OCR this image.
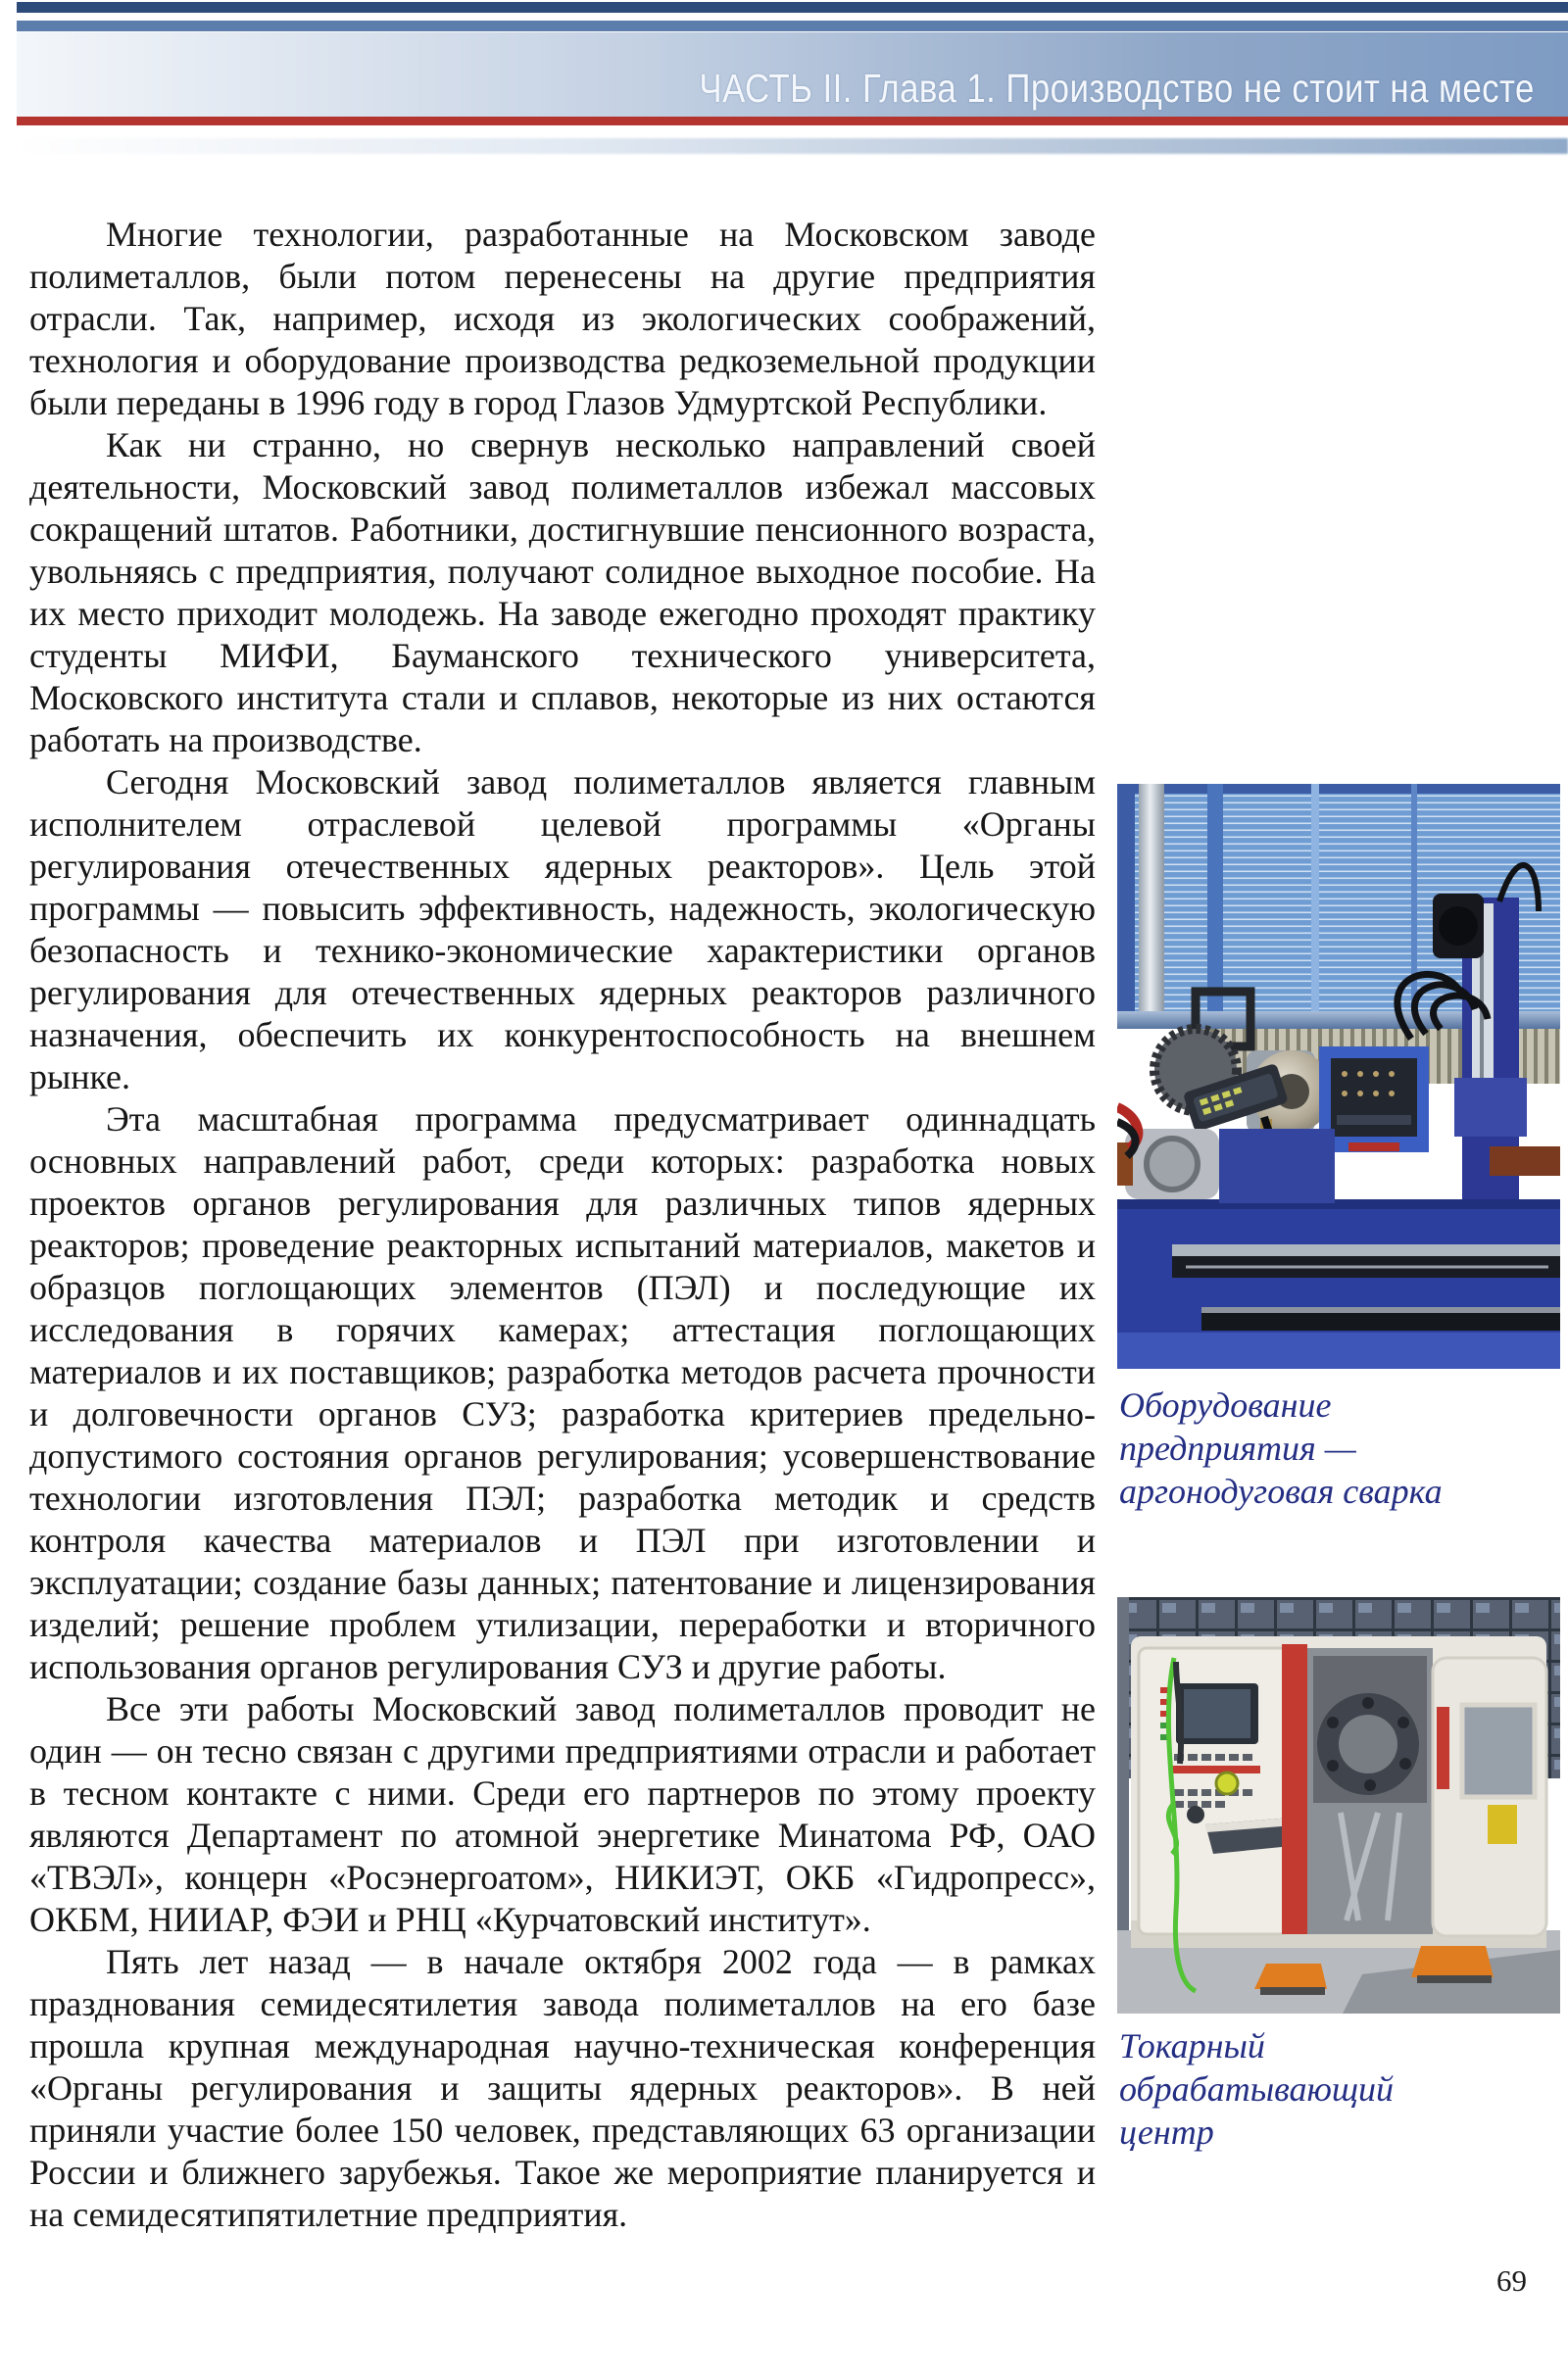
ЧАСТЬ II. Глава 1. Производство не стоит на месте

Многие технологии, разработанные на Московском заводе полиметаллов, были потом перенесены на другие предприятия отрасли. Так, например, исходя из экологических соображений, технология и оборудование производства редкоземельной продукции были переданы в 1996 году в город Глазов Удмуртской Республики.

Как ни странно, но свернув несколько направлений своей деятельности, Московский завод полиметаллов избежал массовых сокращений штатов. Работники, достигнувшие пенсионного возраста, увольняясь с предприятия, получают солидное выходное пособие. На их место приходит молодежь. На заводе ежегодно проходят практику студенты МИФИ, Бауманского технического университета, Московского института стали и сплавов, некоторые из них остаются работать на производстве.

Сегодня Московский завод полиметаллов является главным исполнителем отраслевой целевой программы «Органы регулирования отечественных ядерных реакторов». Цель этой программы — повысить эффективность, надежность, экологическую безопасность и технико-экономические характеристики органов регулирования для отечественных ядерных реакторов различного назначения, обеспечить их конкурентоспособность на внешнем рынке.

Эта масштабная программа предусматривает одиннадцать основных направлений работ, среди которых: разработка новых проектов органов регулирования для различных типов ядерных реакторов; проведение реакторных испытаний материалов, макетов и образцов поглощающих элементов (ПЭЛ) и последующие их исследования в горячих камерах; аттестация поглощающих материалов и их поставщиков; разработка методов расчета прочности и долговечности органов СУЗ; разработка критериев предельно-допустимого состояния органов регулирования; усовершенствование технологии изготовления ПЭЛ; разработка методик и средств контроля качества материалов и ПЭЛ при изготовлении и эксплуатации; создание базы данных; патентование и лицензирования изделий; решение проблем утилизации, переработки и вторичного использования органов регулирования СУЗ и другие работы.

Все эти работы Московский завод полиметаллов проводит не один — он тесно связан с другими предприятиями отрасли и работает в тесном контакте с ними. Среди его партнеров по этому проекту являются Департамент по атомной энергетике Минатома РФ, ОАО «ТВЭЛ», концерн «Росэнергоатом», НИКИЭТ, ОКБ «Гидропресс», ОКБМ, НИИАР, ФЭИ и РНЦ «Курчатовский институт».

Пять лет назад — в начале октября 2002 года — в рамках празднования семидесятилетия завода полиметаллов на его базе прошла крупная международная научно-техническая конференция «Органы регулирования и защиты ядерных реакторов». В ней приняли участие более 150 человек, представляющих 63 организации России и ближнего зарубежья. Такое же мероприятие планируется и на семидесятипятилетние предприятия.

Оборудование предприятия — аргонодуговая сварка
Токарный обрабатывающий центр
69
